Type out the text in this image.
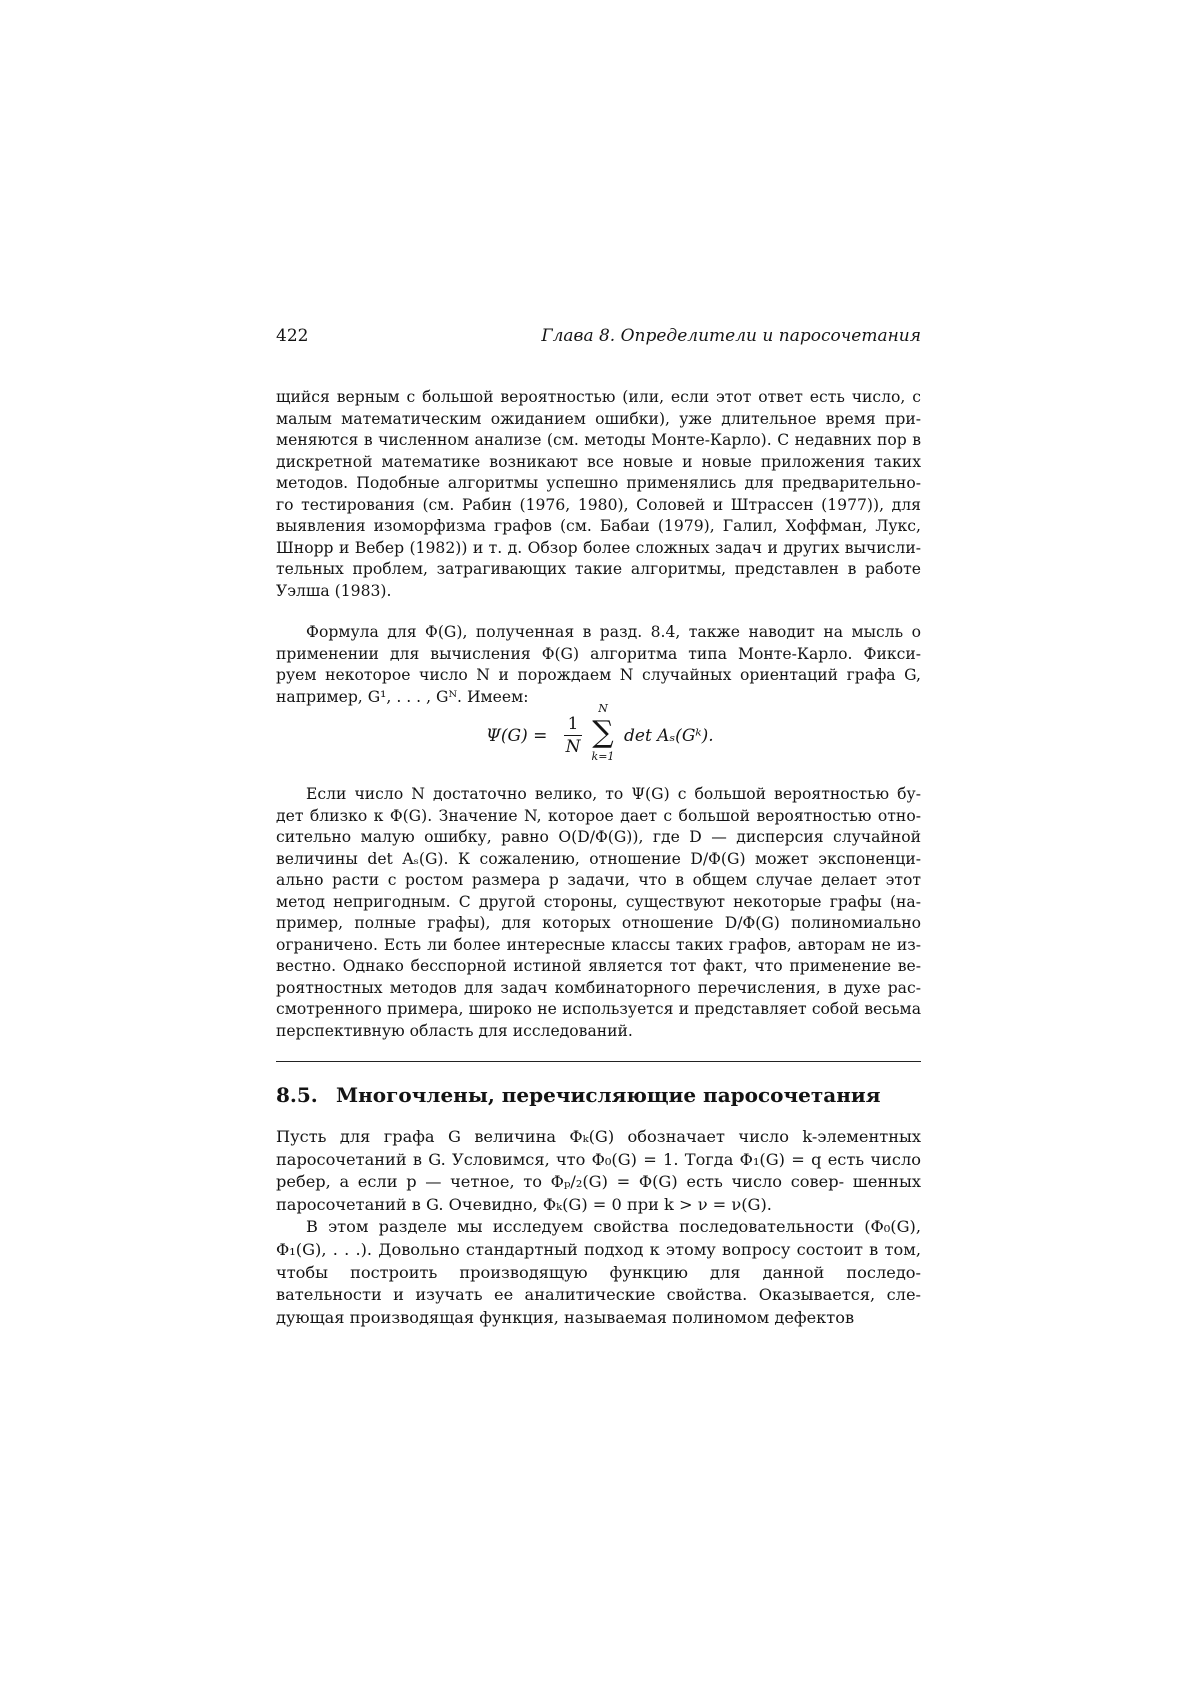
422	Глава 8. Определители и паросочетания

щийся верным с большой вероятностью (или, если этот ответ есть число, с малым математическим ожиданием ошибки), уже длительное время при- меняются в численном анализе (см. методы Монте-Карло). С недавних пор в дискретной математике возникают все новые и новые приложения таких методов. Подобные алгоритмы успешно применялись для предварительно- го тестирования (см. Рабин (1976, 1980), Соловей и Штрассен (1977)), для выявления изоморфизма графов (см. Бабаи (1979), Галил, Хоффман, Лукс, Шнорр и Вебер (1982)) и т. д. Обзор более сложных задач и других вычисли- тельных проблем, затрагивающих такие алгоритмы, представлен в работе Уэлша (1983).

Формула для Φ(G), полученная в разд. 8.4, также наводит на мысль о применении для вычисления Φ(G) алгоритма типа Монте-Карло. Фикси- руем некоторое число N и порождаем N случайных ориентаций графа G, например, G¹, . . . , Gᴺ. Имеем:

Ψ(G) =
1
N
N
∑
k=1
det Aₛ(Gᵏ).

Если число N достаточно велико, то Ψ(G) с большой вероятностью бу- дет близко к Φ(G). Значение N, которое дает с большой вероятностью отно- сительно малую ошибку, равно O(D/Φ(G)), где D — дисперсия случайной величины det Aₛ(G). К сожалению, отношение D/Φ(G) может экспоненци- ально расти с ростом размера p задачи, что в общем случае делает этот метод непригодным. С другой стороны, существуют некоторые графы (на- пример, полные графы), для которых отношение D/Φ(G) полиномиально ограничено. Есть ли более интересные классы таких графов, авторам не из- вестно. Однако бесспорной истиной является тот факт, что применение ве- роятностных методов для задач комбинаторного перечисления, в духе рас- смотренного примера, широко не используется и представляет собой весьма перспективную область для исследований.

8.5. Многочлены, перечисляющие паросочетания

Пусть для графа G величина Φₖ(G) обозначает число k-элементных паросочетаний в G. Условимся, что Φ₀(G) = 1. Тогда Φ₁(G) = q есть число ребер, а если p — четное, то Φₚ/₂(G) = Φ(G) есть число совер- шенных паросочетаний в G. Очевидно, Φₖ(G) = 0 при k > ν = ν(G).

В этом разделе мы исследуем свойства последовательности (Φ₀(G), Φ₁(G), . . .). Довольно стандартный подход к этому вопросу состоит в том, чтобы построить производящую функцию для данной последо- вательности и изучать ее аналитические свойства. Оказывается, сле- дующая производящая функция, называемая полиномом дефектов
